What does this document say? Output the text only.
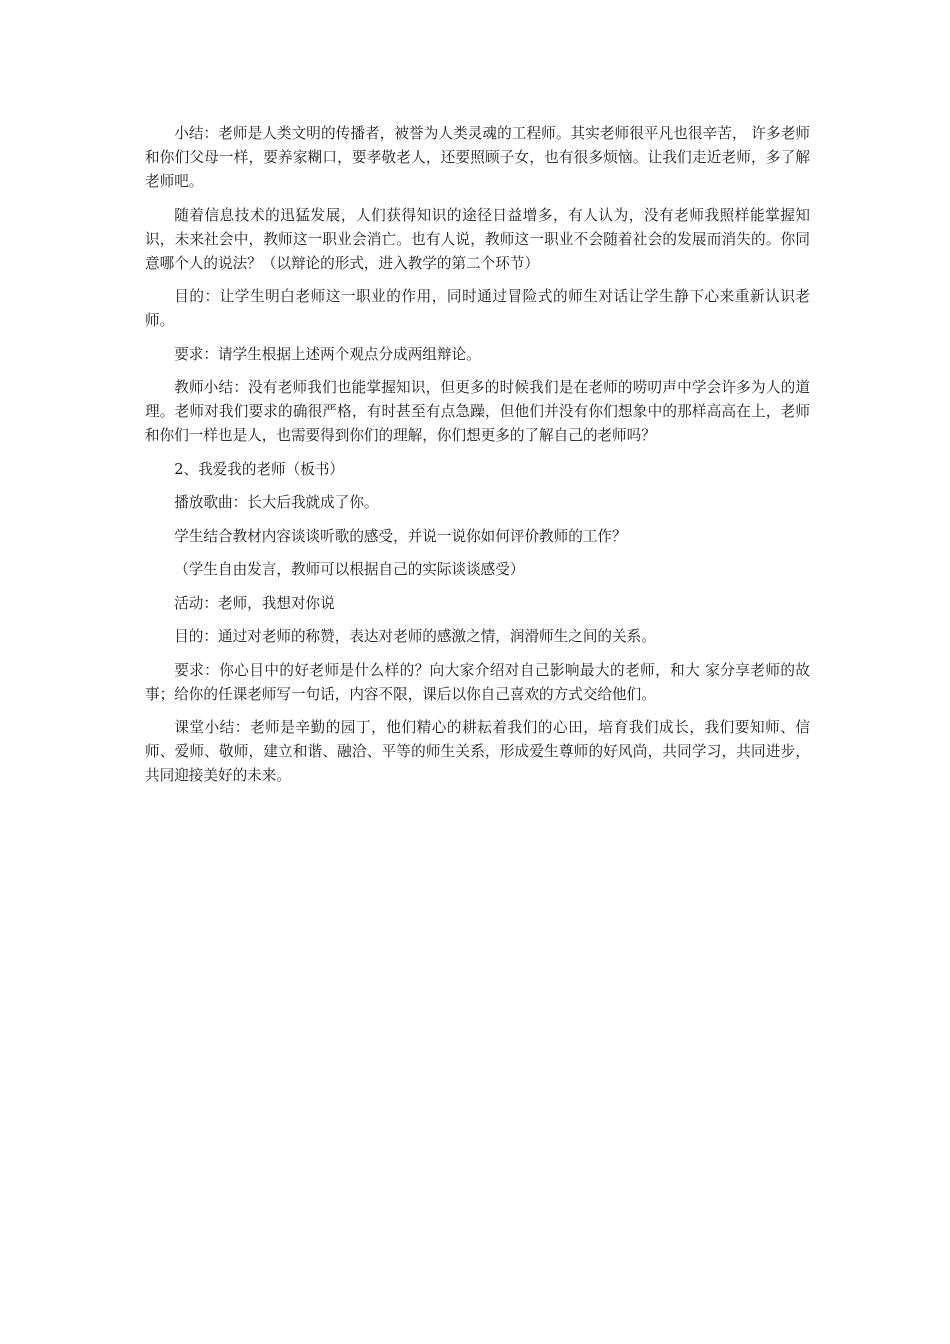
小结：老师是人类文明的传播者，被誉为人类灵魂的工程师。其实老师很平凡也很辛苦， 许多老师和你们父母一样，要养家糊口，要孝敬老人，还要照顾子女，也有很多烦恼。让我们走近老师，多了解老师吧。

随着信息技术的迅猛发展，人们获得知识的途径日益增多，有人认为，没有老师我照样能掌握知识，未来社会中，教师这一职业会消亡。也有人说，教师这一职业不会随着社会的发展而消失的。你同意哪个人的说法？（以辩论的形式，进入教学的第二个环节）

目的：让学生明白老师这一职业的作用，同时通过冒险式的师生对话让学生静下心来重新认识老师。

要求：请学生根据上述两个观点分成两组辩论。

教师小结：没有老师我们也能掌握知识，但更多的时候我们是在老师的唠叨声中学会许多为人的道理。老师对我们要求的确很严格，有时甚至有点急躁，但他们并没有你们想象中的那样高高在上，老师和你们一样也是人，也需要得到你们的理解，你们想更多的了解自己的老师吗？

2、我爱我的老师（板书）

播放歌曲：长大后我就成了你。

学生结合教材内容谈谈听歌的感受，并说一说你如何评价教师的工作？

（学生自由发言，教师可以根据自己的实际谈谈感受）

活动：老师，我想对你说

目的：通过对老师的称赞，表达对老师的感激之情，润滑师生之间的关系。

要求：你心目中的好老师是什么样的？向大家介绍对自己影响最大的老师，和大 家分享老师的故事；给你的任课老师写一句话，内容不限，课后以你自己喜欢的方式交给他们。

课堂小结：老师是辛勤的园丁，他们精心的耕耘着我们的心田，培育我们成长，我们要知师、信师、爱师、敬师，建立和谐、融洽、平等的师生关系，形成爱生尊师的好风尚，共同学习，共同进步，共同迎接美好的未来。
